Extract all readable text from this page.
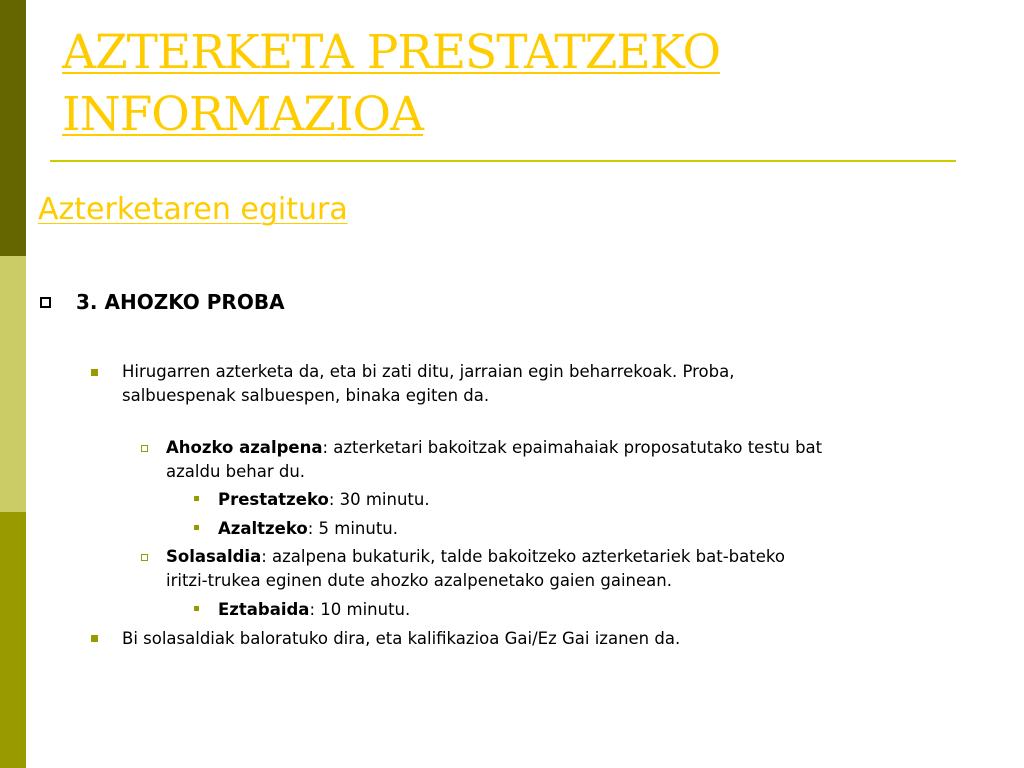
AZTERKETA PRESTATZEKO
INFORMAZIOA
Azterketaren egitura
3. AHOZKO PROBA
Hirugarren azterketa da, eta bi zati ditu, jarraian egin beharrekoak. Proba,
salbuespenak salbuespen, binaka egiten da.
Ahozko azalpena: azterketari bakoitzak epaimahaiak proposatutako testu bat
azaldu behar du.
Prestatzeko: 30 minutu.
Azaltzeko: 5 minutu.
Solasaldia: azalpena bukaturik, talde bakoitzeko azterketariek bat-bateko
iritzi-trukea eginen dute ahozko azalpenetako gaien gainean.
Eztabaida: 10 minutu.
Bi solasaldiak baloratuko dira, eta kalifikazioa Gai/Ez Gai izanen da.
